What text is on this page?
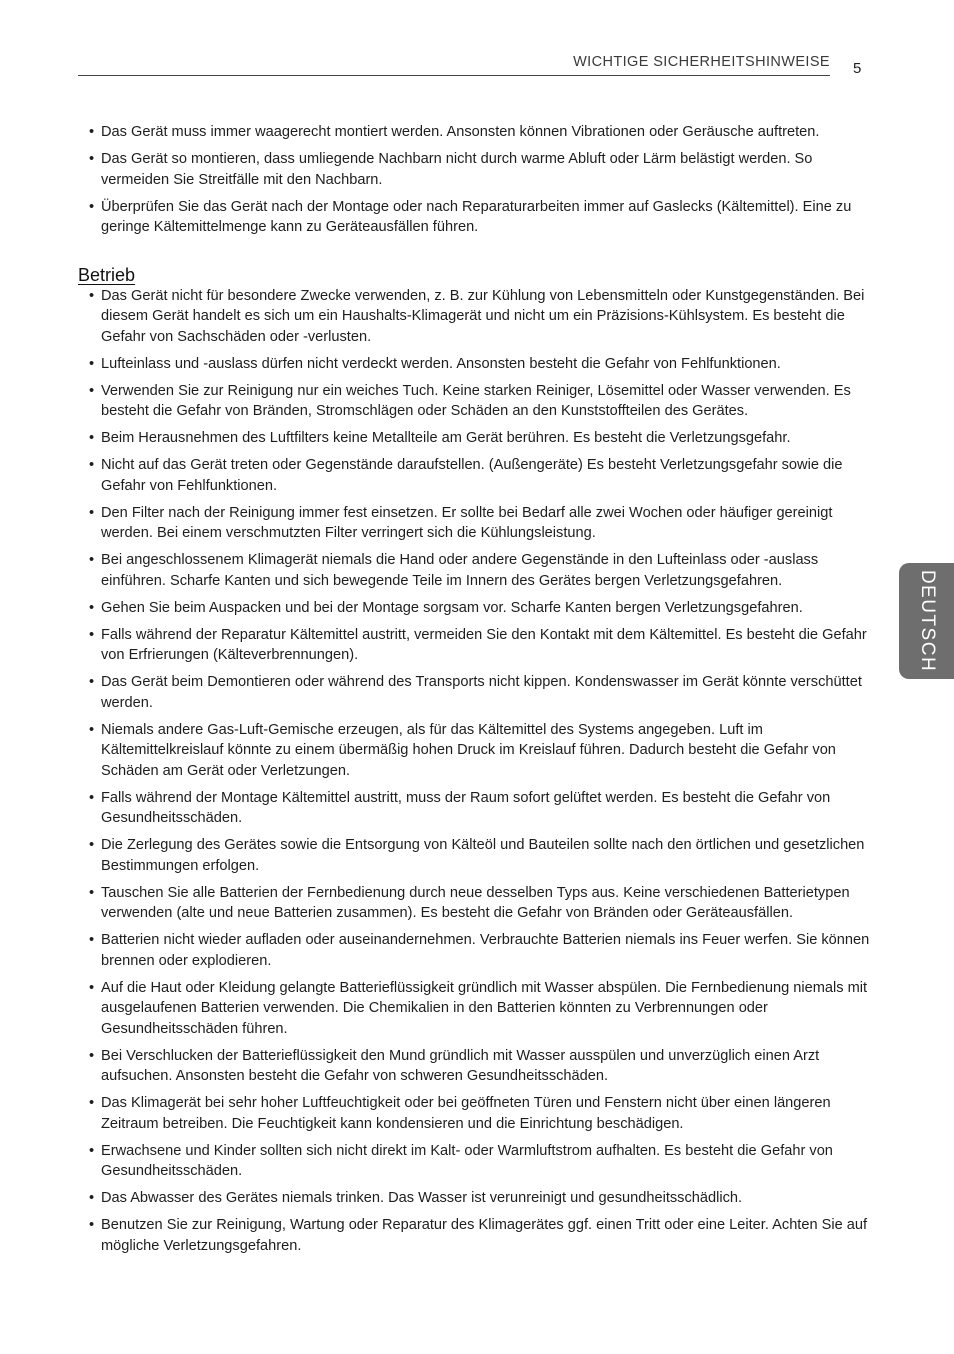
WICHTIGE SICHERHEITSHINWEISE 5
DEUTSCH
• Das Gerät muss immer waagerecht montiert werden. Ansonsten können Vibrationen oder Geräusche auftreten.
• Das Gerät so montieren, dass umliegende Nachbarn nicht durch warme Abluft oder Lärm belästigt werden. So vermeiden Sie Streitfälle mit den Nachbarn.
• Überprüfen Sie das Gerät nach der Montage oder nach Reparaturarbeiten immer auf Gaslecks (Kältemittel). Eine zu geringe Kältemittelmenge kann zu Geräteausfällen führen.
Betrieb
• Das Gerät nicht für besondere Zwecke verwenden, z. B. zur Kühlung von Lebensmitteln oder Kunstgegenständen. Bei diesem Gerät handelt es sich um ein Haushalts-Klimagerät und nicht um ein Präzisions-Kühlsystem. Es besteht die Gefahr von Sachschäden oder -verlusten.
• Lufteinlass und -auslass dürfen nicht verdeckt werden. Ansonsten besteht die Gefahr von Fehlfunktionen.
• Verwenden Sie zur Reinigung nur ein weiches Tuch. Keine starken Reiniger, Lösemittel oder Wasser verwenden. Es besteht die Gefahr von Bränden, Stromschlägen oder Schäden an den Kunststoffteilen des Gerätes.
• Beim Herausnehmen des Luftfilters keine Metallteile am Gerät berühren. Es besteht die Verletzungsgefahr.
• Nicht auf das Gerät treten oder Gegenstände daraufstellen. (Außengeräte) Es besteht Verletzungsgefahr sowie die Gefahr von Fehlfunktionen.
• Den Filter nach der Reinigung immer fest einsetzen. Er sollte bei Bedarf alle zwei Wochen oder häufiger gereinigt werden. Bei einem verschmutzten Filter verringert sich die Kühlungsleistung.
• Bei angeschlossenem Klimagerät niemals die Hand oder andere Gegenstände in den Lufteinlass oder -auslass einführen. Scharfe Kanten und sich bewegende Teile im Innern des Gerätes bergen Verletzungsgefahren.
• Gehen Sie beim Auspacken und bei der Montage sorgsam vor. Scharfe Kanten bergen Verletzungsgefahren.
• Falls während der Reparatur Kältemittel austritt, vermeiden Sie den Kontakt mit dem Kältemittel. Es besteht die Gefahr von Erfrierungen (Kälteverbrennungen).
• Das Gerät beim Demontieren oder während des Transports nicht kippen. Kondenswasser im Gerät könnte verschüttet werden.
• Niemals andere Gas-Luft-Gemische erzeugen, als für das Kältemittel des Systems angegeben. Luft im Kältemittelkreislauf könnte zu einem übermäßig hohen Druck im Kreislauf führen. Dadurch besteht die Gefahr von Schäden am Gerät oder Verletzungen.
• Falls während der Montage Kältemittel austritt, muss der Raum sofort gelüftet werden. Es besteht die Gefahr von Gesundheitsschäden.
• Die Zerlegung des Gerätes sowie die Entsorgung von Kälteöl und Bauteilen sollte nach den örtlichen und gesetzlichen Bestimmungen erfolgen.
• Tauschen Sie alle Batterien der Fernbedienung durch neue desselben Typs aus. Keine verschiedenen Batterietypen verwenden (alte und neue Batterien zusammen). Es besteht die Gefahr von Bränden oder Geräteausfällen.
• Batterien nicht wieder aufladen oder auseinandernehmen. Verbrauchte Batterien niemals ins Feuer werfen. Sie können brennen oder explodieren.
• Auf die Haut oder Kleidung gelangte Batterieflüssigkeit gründlich mit Wasser abspülen. Die Fernbedienung niemals mit ausgelaufenen Batterien verwenden. Die Chemikalien in den Batterien könnten zu Verbrennungen oder Gesundheitsschäden führen.
• Bei Verschlucken der Batterieflüssigkeit den Mund gründlich mit Wasser ausspülen und unverzüglich einen Arzt aufsuchen. Ansonsten besteht die Gefahr von schweren Gesundheitsschäden.
• Das Klimagerät bei sehr hoher Luftfeuchtigkeit oder bei geöffneten Türen und Fenstern nicht über einen längeren Zeitraum betreiben. Die Feuchtigkeit kann kondensieren und die Einrichtung beschädigen.
• Erwachsene und Kinder sollten sich nicht direkt im Kalt- oder Warmluftstrom aufhalten. Es besteht die Gefahr von Gesundheitsschäden.
• Das Abwasser des Gerätes niemals trinken. Das Wasser ist verunreinigt und gesundheitsschädlich.
• Benutzen Sie zur Reinigung, Wartung oder Reparatur des Klimagerätes ggf. einen Tritt oder eine Leiter. Achten Sie auf mögliche Verletzungsgefahren.
